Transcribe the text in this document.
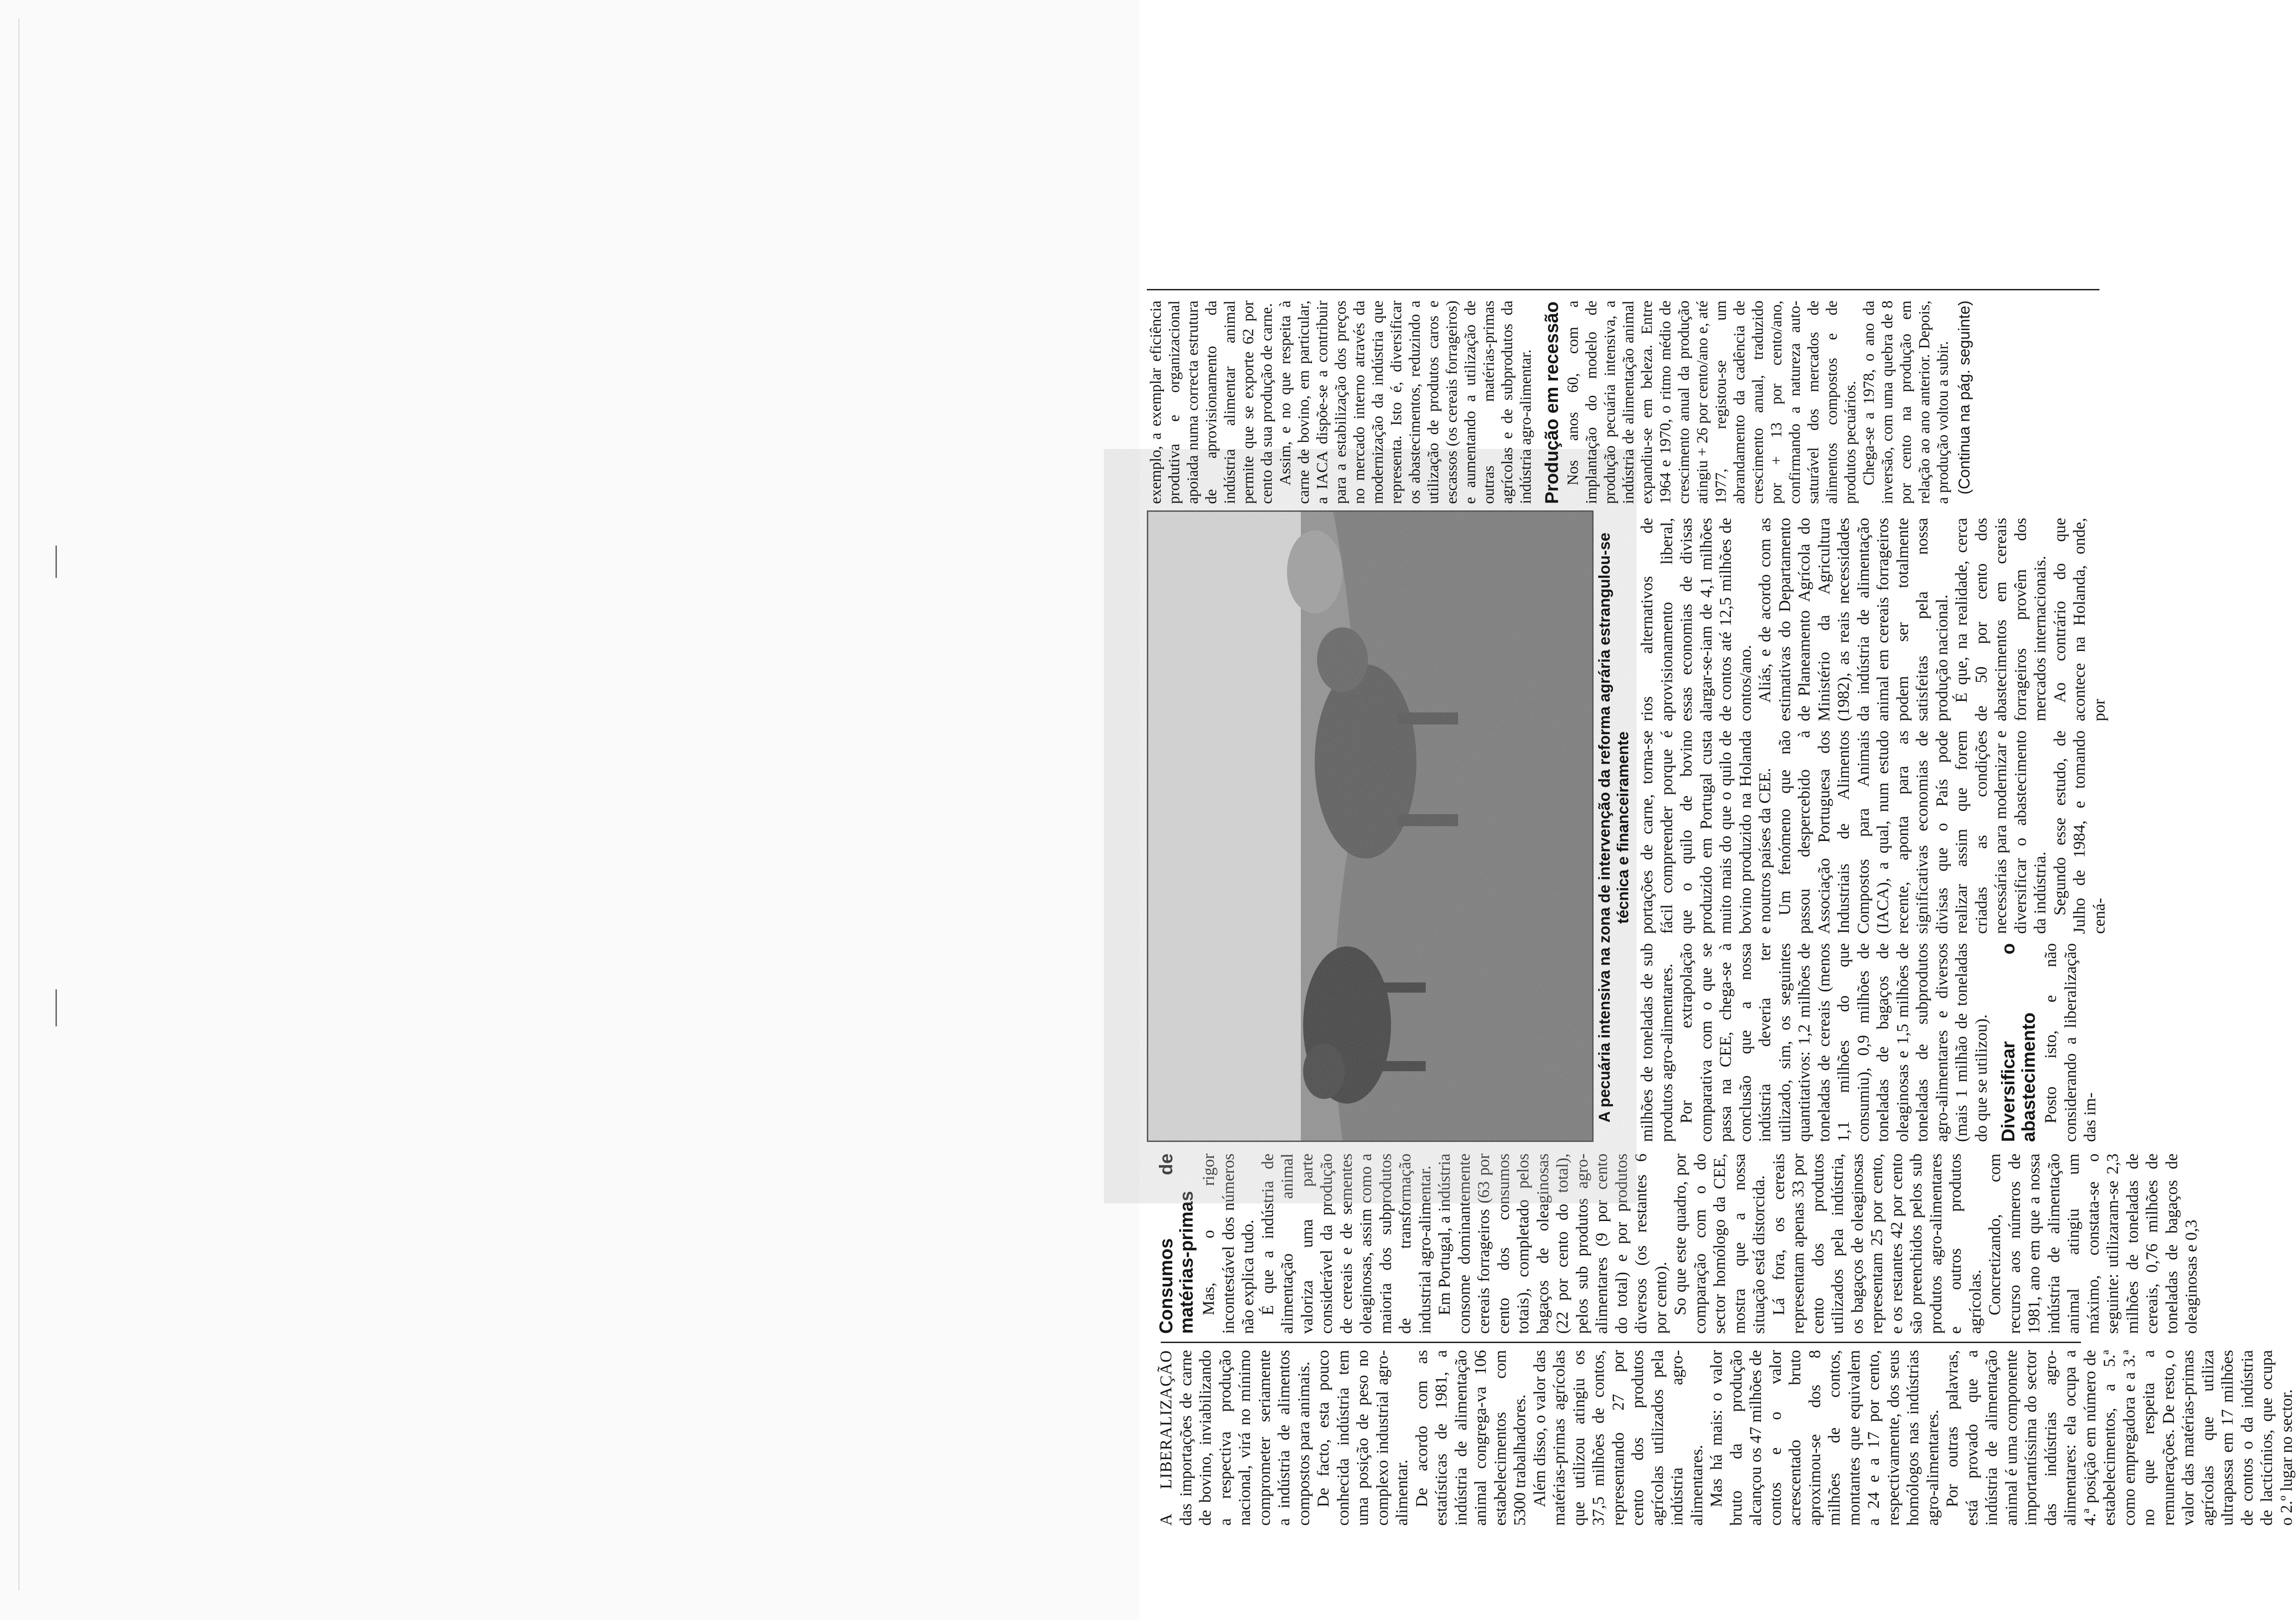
A LIBERALIZAÇÃO das importações de carne de bovino, inviabilizando a respectiva produção nacional, virá no mínimo comprometer seriamente a indústria de alimentos compostos para animais. De facto, esta pouco conhecida indústria tem uma posição de peso no complexo industrial agro-alimentar. De acordo com as estatísticas de 1981, a indústria de alimentação animal congrega-va 106 estabelecimentos com 5300 trabalhadores. Além disso, o valor das matérias-primas agrícolas que utilizou atingiu os 37,5 milhões de contos, representando 27 por cento dos produtos agrícolas utilizados pela indústria agro-alimentares. Mas há mais: o valor bruto da produção alcançou os 47 milhões de contos e o valor acrescentado bruto aproximou-se dos 8 milhões de contos, montantes que equivalem a 24 e a 17 por cento, respectivamente, dos seus homólogos nas indústrias agro-alimentares. Por outras palavras, está provado que a indústria de alimentação animal é uma componente importantíssima do sector das indústrias agro-alimentares: ela ocupa a 4.ª posição em número de estabelecimentos, a 5.ª como empregadora e a 3.ª no que respeita a remunerações. De resto, o valor das matérias-primas agrícolas que utiliza ultrapassa em 17 milhões de contos o da indústria de lacticínios, que ocupa o 2.º lugar no sector.

Consumos de matérias-primas Mas, o rigor incontestável dos números não explica tudo. É que a indústria de alimentação animal valoriza uma parte considerável da produção de cereais e de sementes oleaginosas, assim como a maioria dos subprodutos de transformação industrial agro-alimentar. Em Portugal, a indústria consome dominantemente cereais forrageiros (63 por cento dos consumos totais), completado pelos bagaços de oleaginosas (22 por cento do total), pelos sub produtos agro-alimentares (9 por cento do total) e por produtos diversos (os restantes 6 por cento). So que este quadro, por comparação com o do sector homólogo da CEE, mostra que a nossa situação está distorcida. Lá fora, os cereais representam apenas 33 por cento dos produtos utilizados pela indústria, os bagaços de oleaginosas representam 25 por cento, e os restantes 42 por cento são preenchidos pelos sub produtos agro-alimentares e outros produtos agrícolas. Concretizando, com recurso aos números de 1981, ano em que a nossa indústria de alimentação animal atingiu um máximo, constata-se o seguinte: utilizaram-se 2,3 milhões de toneladas de cereais, 0,76 milhões de toneladas de bagaços de oleaginosas e 0,3

A pecuária intensiva na zona de intervenção da reforma agrária estrangulou-se técnica e financeiramente

milhões de toneladas de sub produtos agro-alimentares. Por extrapolação comparativa com o que se passa na CEE, chega-se à conclusão que a nossa indústria deveria ter utilizado, sim, os seguintes quantitativos: 1,2 milhões de toneladas de cereais (menos 1,1 milhões do que consumiu), 0,9 milhões de toneladas de bagaços de oleaginosas e 1,5 milhões de toneladas de subprodutos agro-alimentares e diversos (mais 1 milhão de toneladas do que se utilizou). Diversificar o abastecimento Posto isto, e não considerando a liberalização das im-

portações de carne, torna-se fácil compreender porque é que o quilo de bovino produzido em Portugal custa muito mais do que o quilo de bovino produzido na Holanda e noutros países da CEE. Um fenómeno que não passou despercebido à Associação Portuguesa dos Industriais de Alimentos Compostos para Animais (IACA), a qual, num estudo recente, aponta para as significativas economias de divisas que o País pode realizar assim que forem criadas as condições necessárias para modernizar e diversificar o abastecimento da indústria. Segundo esse estudo, de Julho de 1984, e tomando cená-

rios alternativos de aprovisionamento liberal, essas economias de divisas alargar-se-iam de 4,1 milhões de contos até 12,5 milhões de contos/ano. Aliás, e de acordo com as estimativas do Departamento de Planeamento Agrícola do Ministério da Agricultura (1982), as reais necessidades da indústria de alimentação animal em cereais forrageiros podem ser totalmente satisfeitas pela nossa produção nacional. É que, na realidade, cerca de 50 por cento dos abastecimentos em cereais forrageiros provêm dos mercados internacionais. Ao contrário do que acontece na Holanda, onde, por

exemplo, a exemplar eficiência produtiva e organizacional apoiada numa correcta estrutura de aprovisionamento da indústria alimentar animal permite que se exporte 62 por cento da sua produção de carne. Assim, e no que respeita à carne de bovino, em particular, a IACA dispõe-se a contribuir para a estabilização dos preços no mercado interno através da modernização da indústria que representa. Isto é, diversificar os abastecimentos, reduzindo a utilização de produtos caros e escassos (os cereais forrageiros) e aumentando a utilização de outras matérias-primas agrícolas e de subprodutos da indústria agro-alimentar. Produção em recessão Nos anos 60, com a implantação do modelo de produção pecuária intensiva, a indústria de alimentação animal expandiu-se em beleza. Entre 1964 e 1970, o ritmo médio de crescimento anual da produção atingiu + 26 por cento/ano e, até 1977, registou-se um abrandamento da cadência de crescimento anual, traduzido por + 13 por cento/ano, confirmando a natureza auto-saturável dos mercados de alimentos compostos e de produtos pecuários. Chega-se a 1978, o ano da inversão, com uma quebra de 8 por cento na produção em relação ao ano anterior. Depois, a produção voltou a subir. (Continua na pág. seguinte)
